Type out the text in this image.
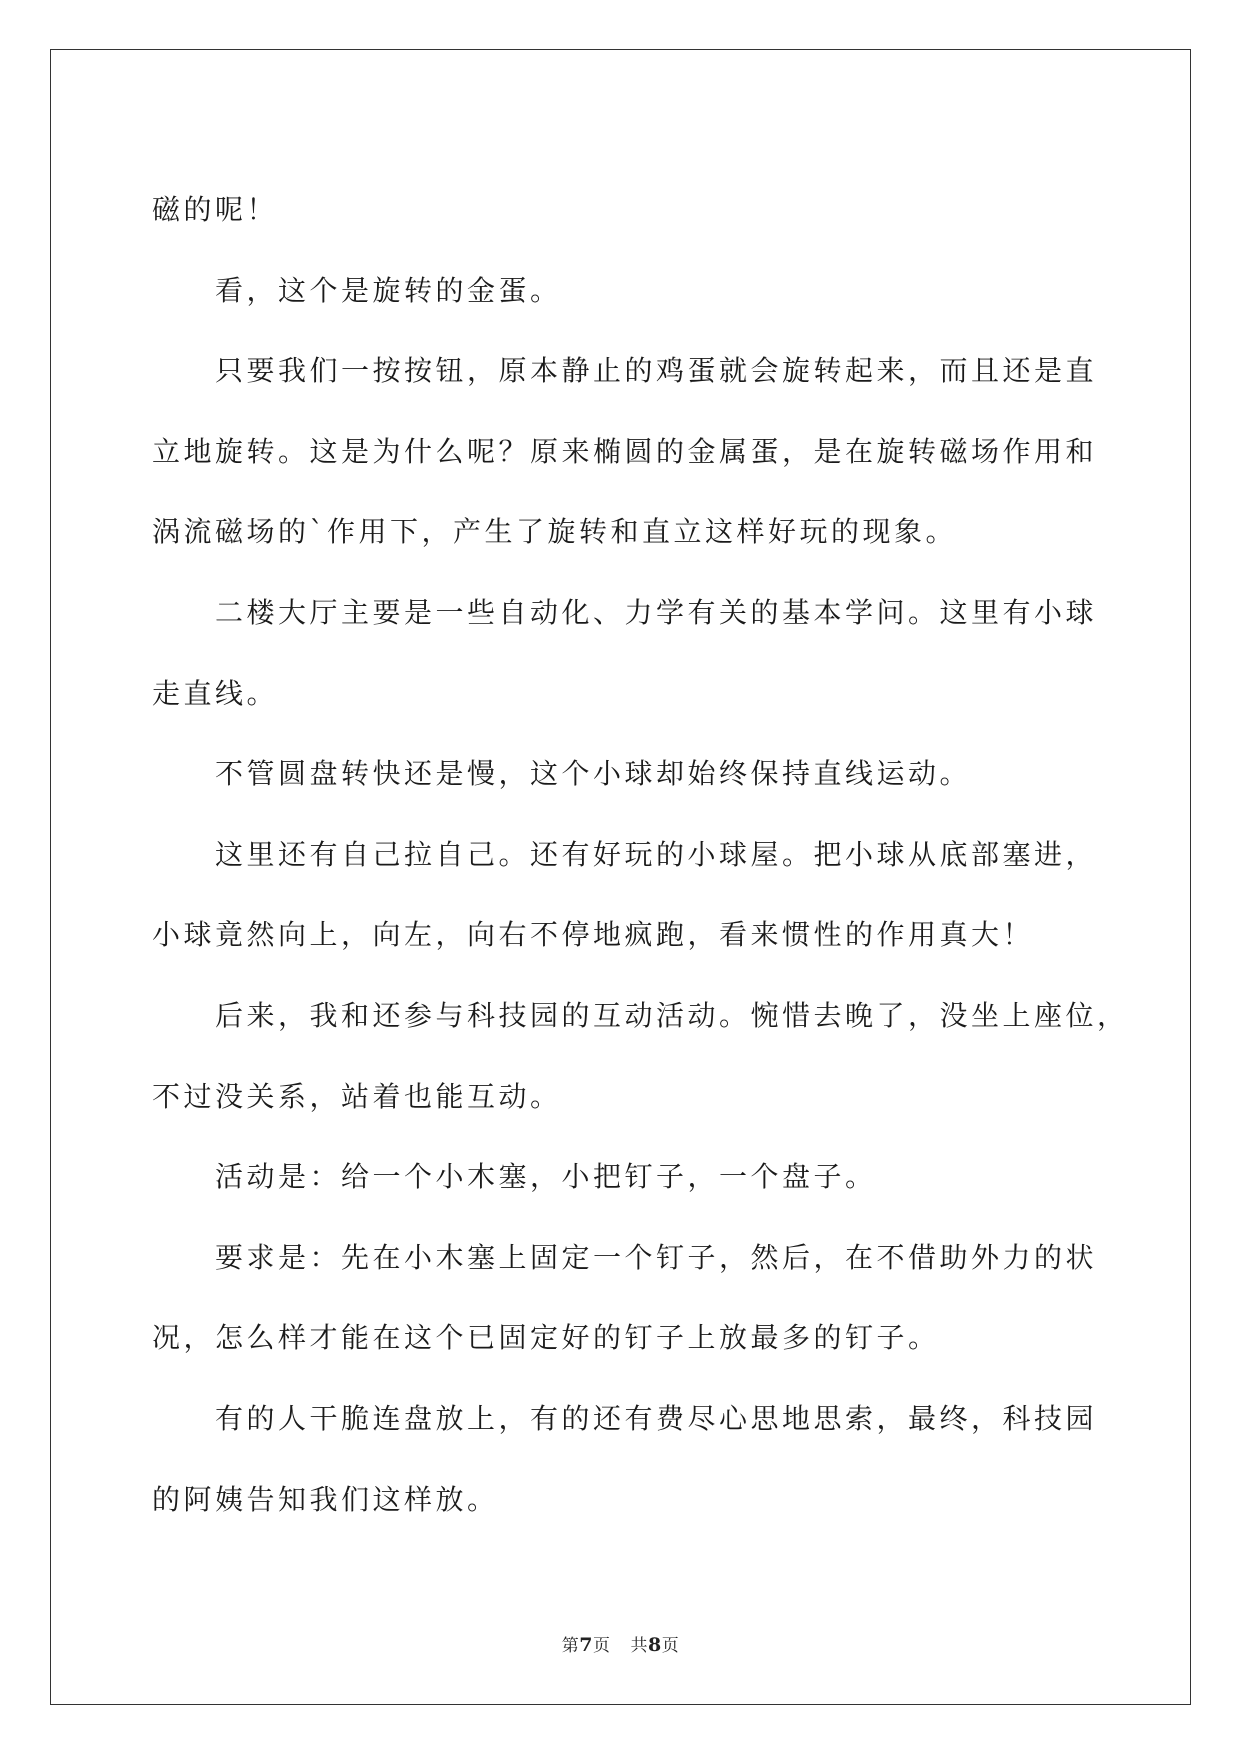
磁的呢！

看，这个是旋转的金蛋。

只要我们一按按钮，原本静止的鸡蛋就会旋转起来，而且还是直

立地旋转。这是为什么呢？原来椭圆的金属蛋，是在旋转磁场作用和

涡流磁场的`作用下，产生了旋转和直立这样好玩的现象。

二楼大厅主要是一些自动化、力学有关的基本学问。这里有小球

走直线。

不管圆盘转快还是慢，这个小球却始终保持直线运动。

这里还有自己拉自己。还有好玩的小球屋。把小球从底部塞进，

小球竟然向上，向左，向右不停地疯跑，看来惯性的作用真大！

后来，我和还参与科技园的互动活动。惋惜去晚了，没坐上座位，

不过没关系，站着也能互动。

活动是：给一个小木塞，小把钉子，一个盘子。

要求是：先在小木塞上固定一个钉子，然后，在不借助外力的状

况，怎么样才能在这个已固定好的钉子上放最多的钉子。

有的人干脆连盘放上，有的还有费尽心思地思索，最终，科技园

的阿姨告知我们这样放。

第7页 共8页
